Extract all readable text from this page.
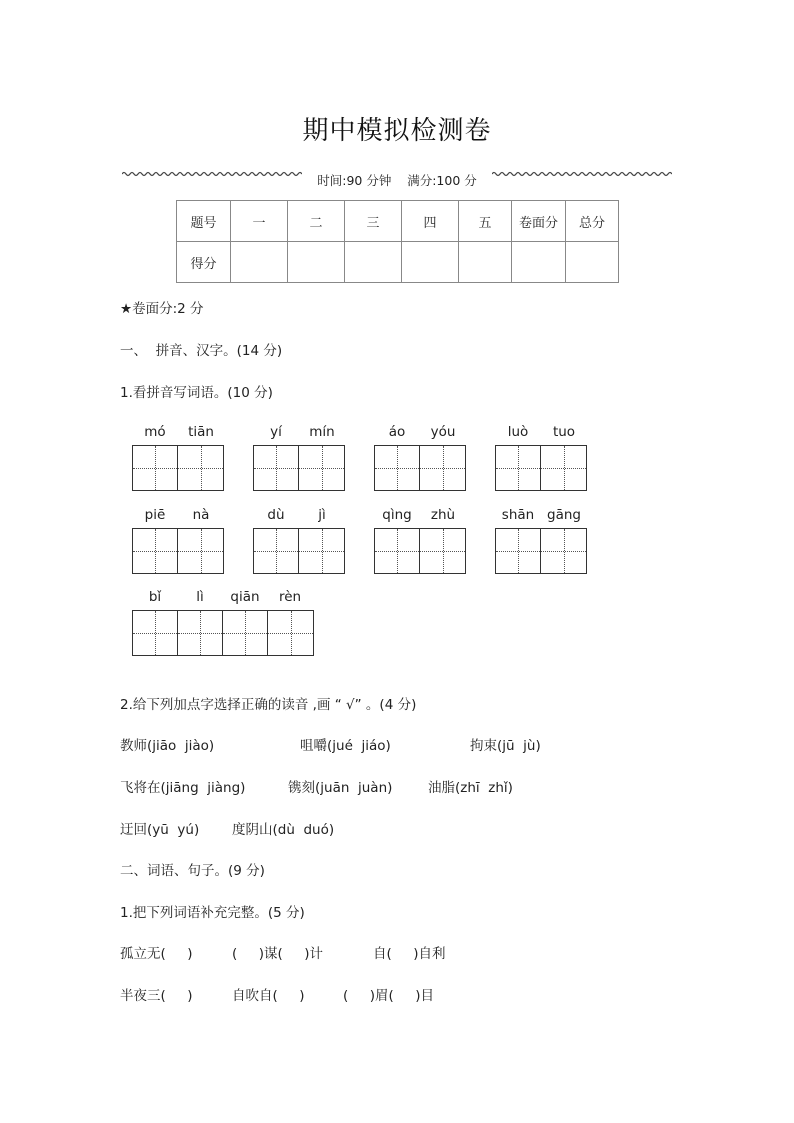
期中模拟检测卷
时间:90 分钟    满分:100 分
题号	一	二	三	四	五	卷面分	总分
得分							
★卷面分:2 分
一、  拼音、汉字。(14 分)
1.看拼音写词语。(10 分)
mó	tiān	yí	mín	áo	yóu	luò	tuo
piē	nà	dù	jì	qìng	zhù	shān gāng
bǐ	lì	qiān	rèn
2.给下列加点字选择正确的读音 ,画 “ √” 。(4 分)
教师(jiāo  jiào)	咀嚼(jué  jiáo)	拘束(jū  jù)
飞将在(jiāng  jiàng)	镌刻(juān  juàn)	油脂(zhī  zhǐ)
迂回(yū  yú) 度阴山(dù  duó)
二、词语、句子。(9 分)
1.把下列词语补充完整。(5 分)
孤立无(     )	(     )谋(     )计	自(     )自利
半夜三(     )	自吹自(     )	(     )眉(     )目
